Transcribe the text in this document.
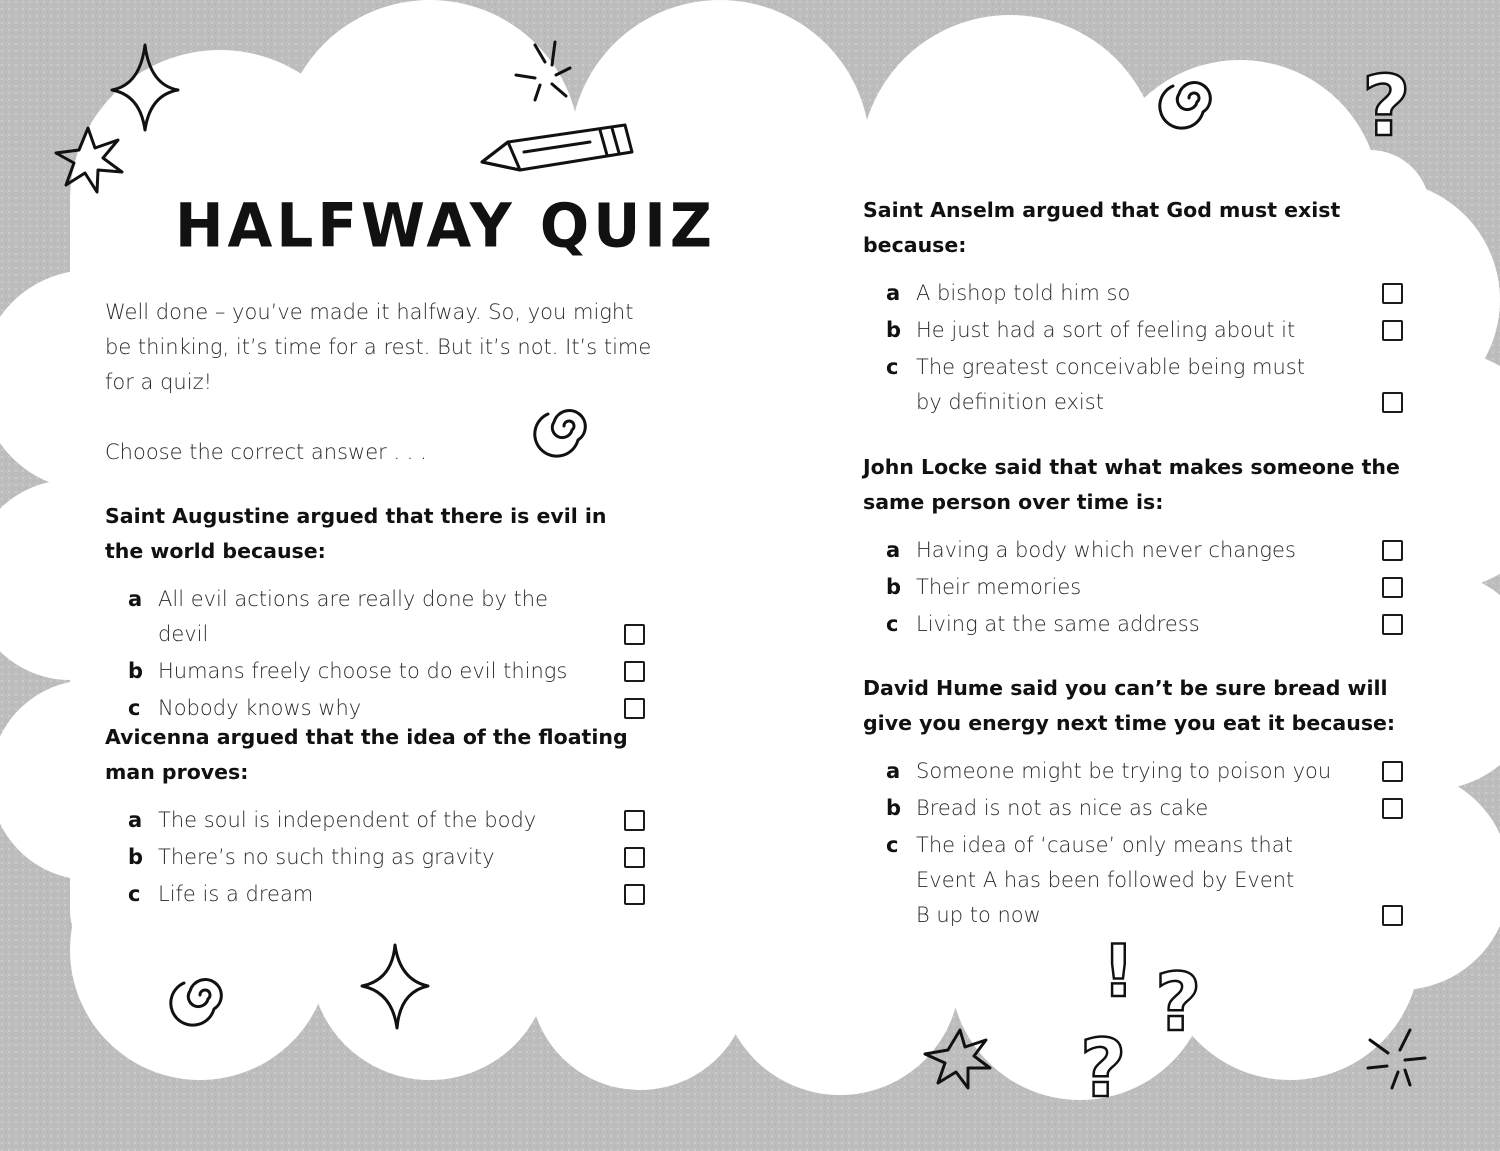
?
! ?
?
HALFWAY QUIZ

Well done – you’ve made it halfway. So, you might be thinking, it’s time for a rest. But it’s not. It’s time for a quiz!

Choose the correct answer . . .

Saint Augustine argued that there is evil in the world because:

a All evil actions are really done by the devil
b Humans freely choose to do evil things
c Nobody knows why

Avicenna argued that the idea of the floating man proves:

a The soul is independent of the body
b There’s no such thing as gravity
c Life is a dream

Saint Anselm argued that God must exist because:

a A bishop told him so
b He just had a sort of feeling about it
c The greatest conceivable being must by definition exist

John Locke said that what makes someone the same person over time is:

a Having a body which never changes
b Their memories
c Living at the same address

David Hume said you can’t be sure bread will give you energy next time you eat it because:

a Someone might be trying to poison you
b Bread is not as nice as cake
c The idea of ‘cause’ only means that Event A has been followed by Event B up to now
